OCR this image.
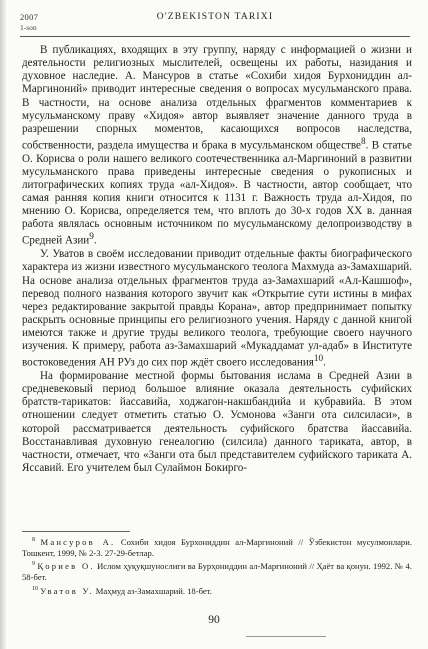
2007
1-son
O'ZBEKISTON TARIXI

В публикациях, входящих в эту группу, наряду с информацией о жизни и деятельности религиозных мыслителей, освещены их работы, назидания и духовное наследие. А. Мансуров в статье «Сохиби хидоя Бурхониддин ал-Маргиноний» приводит интересные сведения о вопросах мусульманского права. В частности, на основе анализа отдельных фрагментов комментариев к мусульманскому праву «Хидоя» автор выявляет значение данного труда в разрешении спорных моментов, касающихся вопросов наследства, собственности, раздела имущества и брака в мусульманском обществе$^8$. В статье О. Корисва о роли нашего великого соотечественника ал-Маргиноний в развитии мусульманского права приведены интересные сведения о рукописных и литографических копиях труда «ал-Хидоя». В частности, автор сообщает, что самая ранняя копия книги относится к 1131 г. Важность труда ал-Хидоя, по мнению О. Корисва, определяется тем, что вплоть до 30-х годов XX в. данная работа являлась основным источником по мусульманскому делопроизводству в Средней Азии$^9$.

У. Уватов в своём исследовании приводит отдельные факты биографического характера из жизни известного мусульманского теолога Махмуда аз-Замахшарий. На основе анализа отдельных фрагментов труда аз-Замахшарий «Ал-Кашшоф», перевод полного названия которого звучит как «Открытие сути истины в мифах через редактирование закрытой правды Корана», автор предпринимает попытку раскрыть основные принципы его религиозного учения. Наряду с данной книгой имеются также и другие труды великого теолога, требующие своего научного изучения. К примеру, работа аз-Замахшарий «Мукаддамат ул-адаб» в Институте востоковедения АН РУз до сих пор ждёт своего исследования$^{10}$.

На формирование местной формы бытования ислама в Средней Азии в средневековый период большое влияние оказала деятельность суфийских братств-тарикатов: йассавийа, ходжагон-накшбандийа и кубравийа. В этом отношении следует отметить статью О. Усмонова «Занги ота силсиласи», в которой рассматривается деятельность суфийского братства йассавийа. Восстанавливая духовную генеалогию (силсила) данного тариката, автор, в частности, отмечает, что «Занги ота был представителем суфийского тариката А. Яссавий. Его учителем был Сулаймон Бокирго-

$^8$ Мансуров А. Сохиби хидоя Бурхониддин ал-Маргиноний // Ўзбекистон мусулмонлари. Тошкент, 1999, № 2-3. 27-29-бетлар.

$^9$ Қориев О. Ислом ҳуқуқшунослиги ва Бурҳониддин ал-Марғиноний // Ҳаёт ва қонун. 1992. № 4. 58-бет.

$^{10}$ Уватов У. Маҳмуд аз-Замахшарий. 18-бет.

90
